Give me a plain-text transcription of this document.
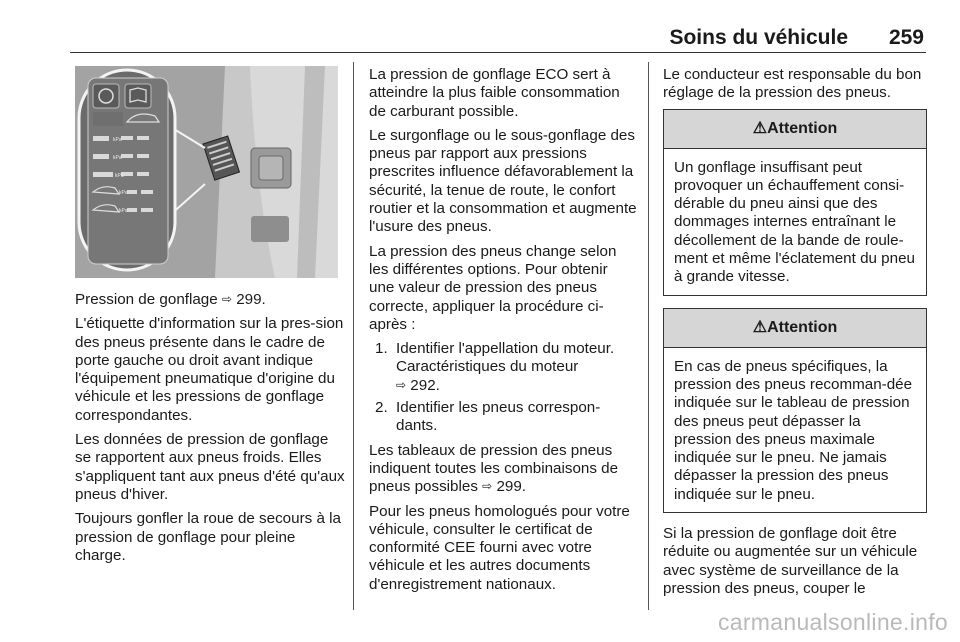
Soins du véhicule 259
kPa
kPa
kPa
kPa
kPa

Pression de gonflage ⇨ 299.

L'étiquette d'information sur la pres-sion des pneus présente dans le cadre de porte gauche ou droit avant indique l'équipement pneumatique d'origine du véhicule et les pressions de gonflage correspondantes.

Les données de pression de gonflage se rapportent aux pneus froids. Elles s'appliquent tant aux pneus d'été qu'aux pneus d'hiver.

Toujours gonfler la roue de secours à la pression de gonflage pour pleine charge.

La pression de gonflage ECO sert à atteindre la plus faible consommation de carburant possible.

Le surgonflage ou le sous-gonflage des pneus par rapport aux pressions prescrites influence défavorablement la sécurité, la tenue de route, le confort routier et la consommation et augmente l'usure des pneus.

La pression des pneus change selon les différentes options. Pour obtenir une valeur de pression des pneus correcte, appliquer la procédure ci-après :

1. Identifier l'appellation du moteur. Caractéristiques du moteur
⇨ 292.
2. Identifier les pneus correspon-dants.

Les tableaux de pression des pneus indiquent toutes les combinaisons de pneus possibles ⇨ 299.

Pour les pneus homologués pour votre véhicule, consulter le certificat de conformité CEE fourni avec votre véhicule et les autres documents d'enregistrement nationaux.

Le conducteur est responsable du bon réglage de la pression des pneus.

⚠Attention
Un gonflage insuffisant peut provoquer un échauffement consi-dérable du pneu ainsi que des dommages internes entraînant le décollement de la bande de roule-ment et même l'éclatement du pneu à grande vitesse.
⚠Attention
En cas de pneus spécifiques, la pression des pneus recomman-dée indiquée sur le tableau de pression des pneus peut dépasser la pression des pneus maximale indiquée sur le pneu. Ne jamais dépasser la pression des pneus indiquée sur le pneu.

Si la pression de gonflage doit être réduite ou augmentée sur un véhicule avec système de surveillance de la pression des pneus, couper le

carmanualsonline.info
